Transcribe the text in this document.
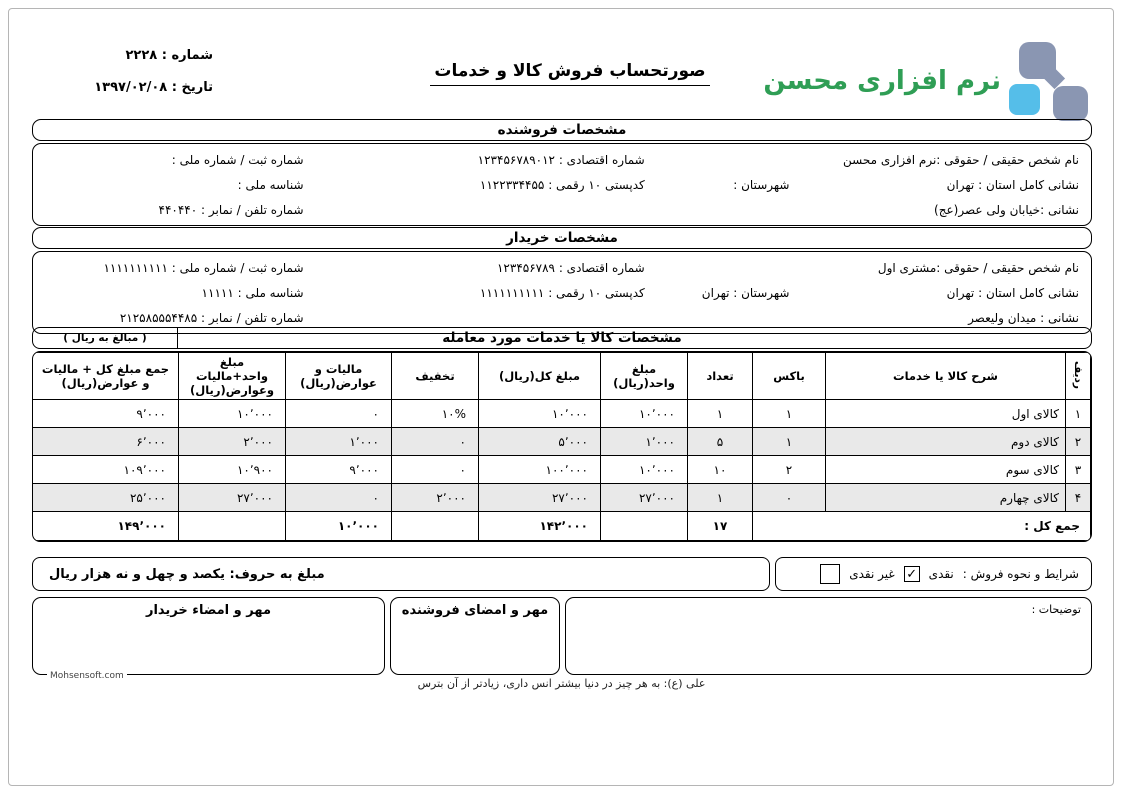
شماره : ۲۲۲۸
تاریخ : ۱۳۹۷/۰۲/۰۸
صورتحساب فروش کالا و خدمات	نرم افزاری محسن
مشخصات فروشنده
نام شخص حقیقی / حقوقی :نرم افزاری محسن
شماره اقتصادی : ۱۲۳۴۵۶۷۸۹۰۱۲
شماره ثبت / شماره ملی :
نشانی کامل استان : تهران
شهرستان :
کدپستی ۱۰ رقمی : ۱۱۲۲۳۳۴۴۵۵
شناسه ملی :
نشانی :خیابان ولی عصر(عج)
شماره تلفن / نمابر : ۴۴۰۴۴۰
مشخصات خریدار
نام شخص حقیقی / حقوقی :مشتری اول
شماره اقتصادی : ۱۲۳۴۵۶۷۸۹
شماره ثبت / شماره ملی : ۱۱۱۱۱۱۱۱۱۱
نشانی کامل استان : تهران
شهرستان : تهران
کدپستی ۱۰ رقمی : ۱۱۱۱۱۱۱۱۱۱
شناسه ملی : ۱۱۱۱۱
نشانی : میدان ولیعصر
شماره تلفن / نمابر : ۲۱۲۵۸۵۵۵۴۴۸۵
مشخصات کالا یا خدمات مورد معامله
( مبالغ به ریال )
ردیف	شرح کالا یا خدمات	باکس	تعداد	مبلغ واحد(ریال)	مبلغ کل(ریال)	تخفیف	مالیات و عوارض(ریال)	مبلغ واحد+مالیات وعوارض(ریال)	جمع مبلغ کل + مالیات و عوارض(ریال)
۱	کالای اول	۱	۱	۱۰٬۰۰۰	۱۰٬۰۰۰	۱۰%	۰	۱۰٬۰۰۰	۹٬۰۰۰
۲	کالای دوم	۱	۵	۱٬۰۰۰	۵٬۰۰۰	۰	۱٬۰۰۰	۲٬۰۰۰	۶٬۰۰۰
۳	کالای سوم	۲	۱۰	۱۰٬۰۰۰	۱۰۰٬۰۰۰	۰	۹٬۰۰۰	۱۰٬۹۰۰	۱۰۹٬۰۰۰
۴	کالای چهارم	۰	۱	۲۷٬۰۰۰	۲۷٬۰۰۰	۲٬۰۰۰	۰	۲۷٬۰۰۰	۲۵٬۰۰۰
جمع کل :			۱۷		۱۴۲٬۰۰۰		۱۰٬۰۰۰		۱۴۹٬۰۰۰
شرایط و نحوه فروش :
نقدی
✓
غیر نقدی
مبلغ به حروف: یکصد و چهل و نه هزار ریال
مهر و امضاء خریدار
Mohsensoft.com
مهر و امضای فروشنده	توضیحات :
علی (ع): به هر چیز در دنیا بیشتر انس داری، زیادتر از آن بترس
